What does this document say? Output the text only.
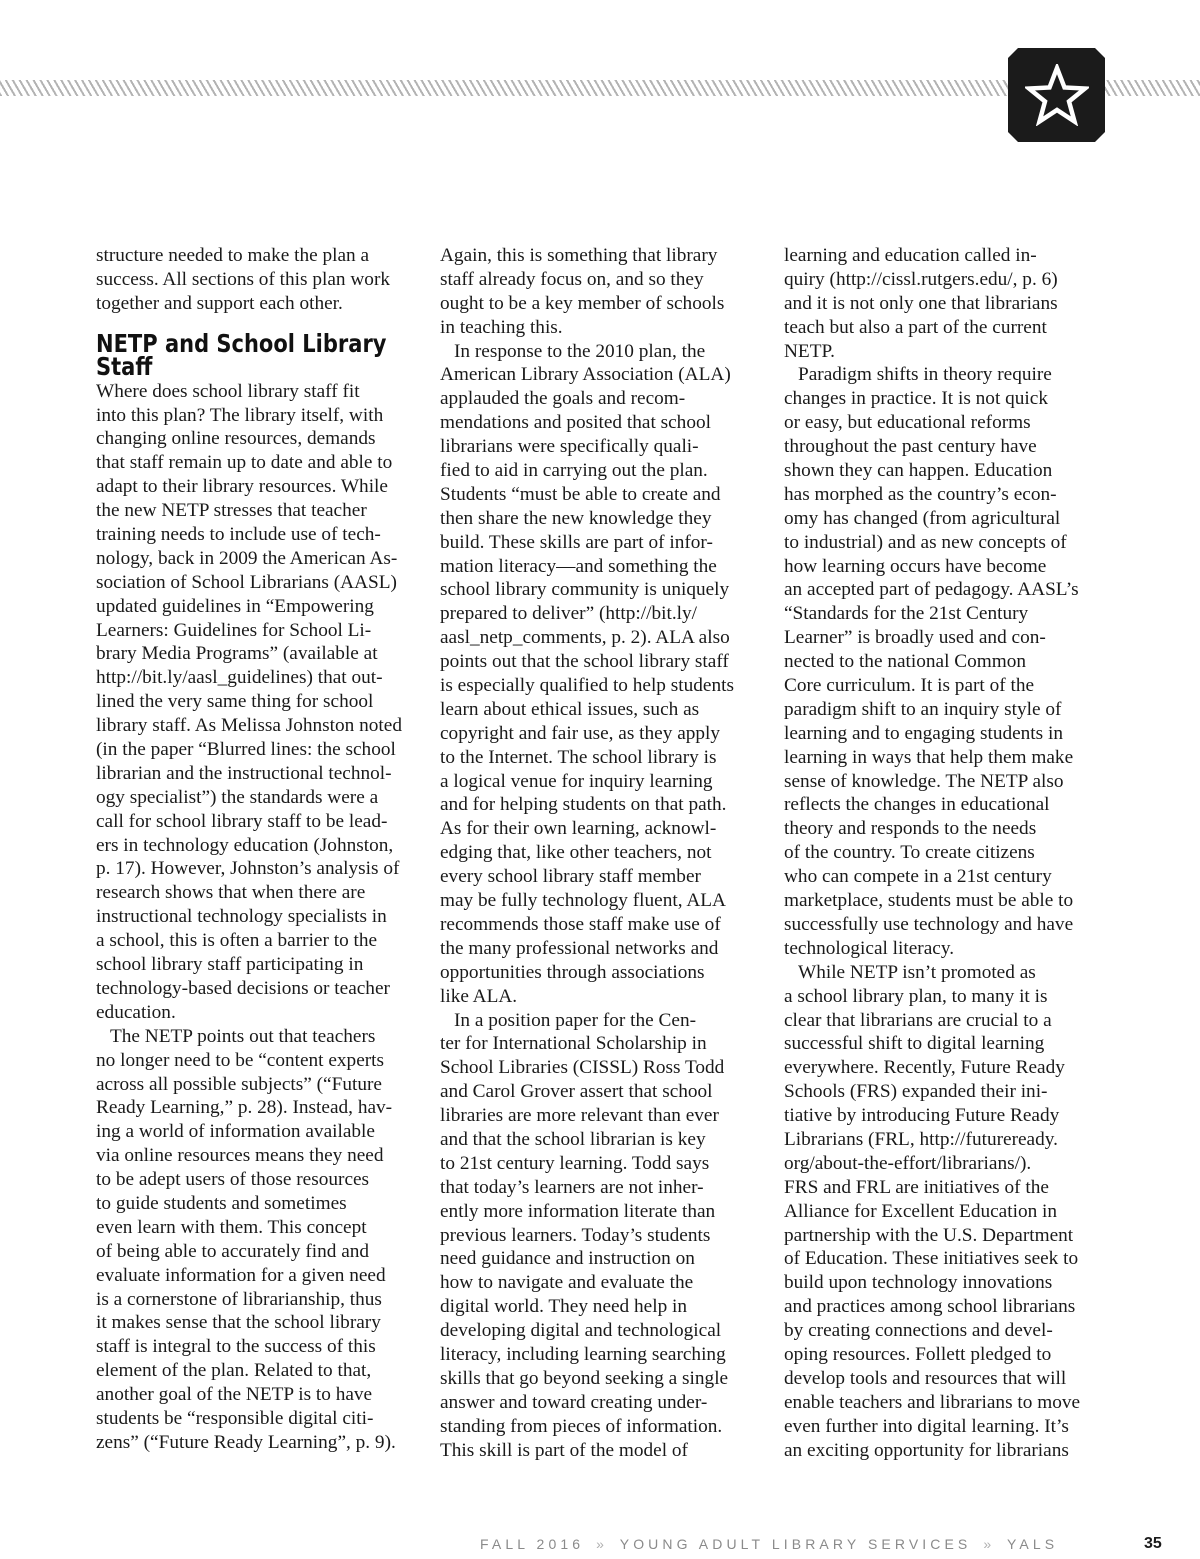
structure needed to make the plan a
success. All sections of this plan work
together and support each other.
NETP and School Library
Staff
Where does school library staff fit
into this plan? The library itself, with
changing online resources, demands
that staff remain up to date and able to
adapt to their library resources. While
the new NETP stresses that teacher
training needs to include use of tech-
nology, back in 2009 the American As-
sociation of School Librarians (AASL)
updated guidelines in “Empowering
Learners: Guidelines for School Li-
brary Media Programs” (available at
http://bit.ly/aasl_guidelines) that out-
lined the very same thing for school
library staff. As Melissa Johnston noted
(in the paper “Blurred lines: the school
librarian and the instructional technol-
ogy specialist”) the standards were a
call for school library staff to be lead-
ers in technology education (Johnston,
p. 17). However, Johnston’s analysis of
research shows that when there are
instructional technology specialists in
a school, this is often a barrier to the
school library staff participating in
technology-based decisions or teacher
education.
The NETP points out that teachers
no longer need to be “content experts
across all possible subjects” (“Future
Ready Learning,” p. 28). Instead, hav-
ing a world of information available
via online resources means they need
to be adept users of those resources
to guide students and sometimes
even learn with them. This concept
of being able to accurately find and
evaluate information for a given need
is a cornerstone of librarianship, thus
it makes sense that the school library
staff is integral to the success of this
element of the plan. Related to that,
another goal of the NETP is to have
students be “responsible digital citi-
zens” (“Future Ready Learning”, p. 9).
Again, this is something that library
staff already focus on, and so they
ought to be a key member of schools
in teaching this.
In response to the 2010 plan, the
American Library Association (ALA)
applauded the goals and recom-
mendations and posited that school
librarians were specifically quali-
fied to aid in carrying out the plan.
Students “must be able to create and
then share the new knowledge they
build. These skills are part of infor-
mation literacy—and something the
school library community is uniquely
prepared to deliver” (http://bit.ly/
aasl_netp_comments, p. 2). ALA also
points out that the school library staff
is especially qualified to help students
learn about ethical issues, such as
copyright and fair use, as they apply
to the Internet. The school library is
a logical venue for inquiry learning
and for helping students on that path.
As for their own learning, acknowl-
edging that, like other teachers, not
every school library staff member
may be fully technology fluent, ALA
recommends those staff make use of
the many professional networks and
opportunities through associations
like ALA.
In a position paper for the Cen-
ter for International Scholarship in
School Libraries (CISSL) Ross Todd
and Carol Grover assert that school
libraries are more relevant than ever
and that the school librarian is key
to 21st century learning. Todd says
that today’s learners are not inher-
ently more information literate than
previous learners. Today’s students
need guidance and instruction on
how to navigate and evaluate the
digital world. They need help in
developing digital and technological
literacy, including learning searching
skills that go beyond seeking a single
answer and toward creating under-
standing from pieces of information.
This skill is part of the model of
learning and education called in-
quiry (http://cissl.rutgers.edu/, p. 6)
and it is not only one that librarians
teach but also a part of the current
NETP.
Paradigm shifts in theory require
changes in practice. It is not quick
or easy, but educational reforms
throughout the past century have
shown they can happen. Education
has morphed as the country’s econ-
omy has changed (from agricultural
to industrial) and as new concepts of
how learning occurs have become
an accepted part of pedagogy. AASL’s
“Standards for the 21st Century
Learner” is broadly used and con-
nected to the national Common
Core curriculum. It is part of the
paradigm shift to an inquiry style of
learning and to engaging students in
learning in ways that help them make
sense of knowledge. The NETP also
reflects the changes in educational
theory and responds to the needs
of the country. To create citizens
who can compete in a 21st century
marketplace, students must be able to
successfully use technology and have
technological literacy.
While NETP isn’t promoted as
a school library plan, to many it is
clear that librarians are crucial to a
successful shift to digital learning
everywhere. Recently, Future Ready
Schools (FRS) expanded their ini-
tiative by introducing Future Ready
Librarians (FRL, http://futureready.
org/about-the-effort/librarians/).
FRS and FRL are initiatives of the
Alliance for Excellent Education in
partnership with the U.S. Department
of Education. These initiatives seek to
build upon technology innovations
and practices among school librarians
by creating connections and devel-
oping resources. Follett pledged to
develop tools and resources that will
enable teachers and librarians to move
even further into digital learning. It’s
an exciting opportunity for librarians
FALL 2016 » YOUNG ADULT LIBRARY SERVICES » YALS	35
